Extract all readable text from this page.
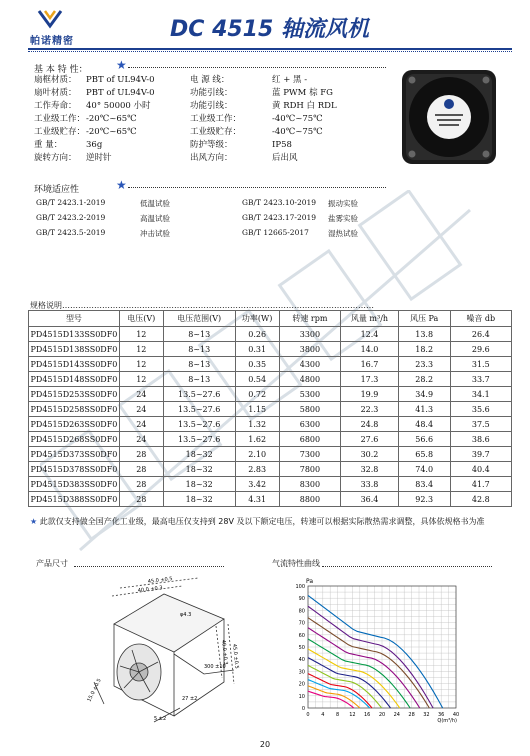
帕诺精密	DC 4515 轴流风机
基 本 特 性： ★
扇框材质： PBT of UL94V-0	电 源 线：	红 + 黑 -
扇叶材质： PBT of UL94V-0	功能引线：	蓝 PWM 棕 FG
工作寿命： 40° 50000 小时	功能引线：	黄 RDH 白 RDL
工业级工作： -20℃~65℃	工业级工作：	-40℃~75℃
工业级贮存： -20℃~65℃	工业级贮存：	-40℃~75℃
重 量：	36g	防护等级：	IP58
旋转方向： 逆时针	出风方向：	后出风
环境适应性	★
GB/T 2423.1-2019	低温试验	GB/T 2423.10-2019 振动实验
GB/T 2423.2-2019	高温试验	GB/T 2423.17-2019 盐雾实验
GB/T 2423.5-2019	冲击试验	GB/T 12665-2017	湿热试验
规格说明………………………………………………………………………………………………………
型号	电压(V)	电压范围(V)	功率(W)	转速 rpm	风量 m³/h	风压 Pa	噪音 db
PD4515D133SS0DF0	12	8~13	0.26	3300	12.4	13.8	26.4
PD4515D138SS0DF0	12	8~13	0.31	3800	14.0	18.2	29.6
PD4515D143SS0DF0	12	8~13	0.35	4300	16.7	23.3	31.5
PD4515D148SS0DF0	12	8~13	0.54	4800	17.3	28.2	33.7
PD4515D253SS0DF0	24	13.5~27.6	0.72	5300	19.9	34.9	34.1
PD4515D258SS0DF0	24	13.5~27.6	1.15	5800	22.3	41.3	35.6
PD4515D263SS0DF0	24	13.5~27.6	1.32	6300	24.8	48.4	37.5
PD4515D268SS0DF0	24	13.5~27.6	1.62	6800	27.6	56.6	38.6
PD4515D373SS0DF0	28	18~32	2.10	7300	30.2	65.8	39.7
PD4515D378SS0DF0	28	18~32	2.83	7800	32.8	74.0	40.4
PD4515D383SS0DF0	28	18~32	3.42	8300	33.8	83.4	41.7
PD4515D388SS0DF0	28	18~32	4.31	8800	36.4	92.3	42.8
★ 此款仅支持做全国产化工业级，最高电压仅支持到 28V 及以下额定电压，转速可以根据实际散热需求调整，具体依规格书为准
产品尺寸	气流特性曲线
45.0 ±0.5
40.0 ±0.3
45.0 ±0.5
40.0 ±0.3
15.0 ±0.5
φ4.3
300 ±10
27 ±2
5 ±2
0
10
20
30
40
50
60
70
80
90
100
0 4 8 12 16 20 24 28 32 36 40
Pa
Q(m³/h)
20
